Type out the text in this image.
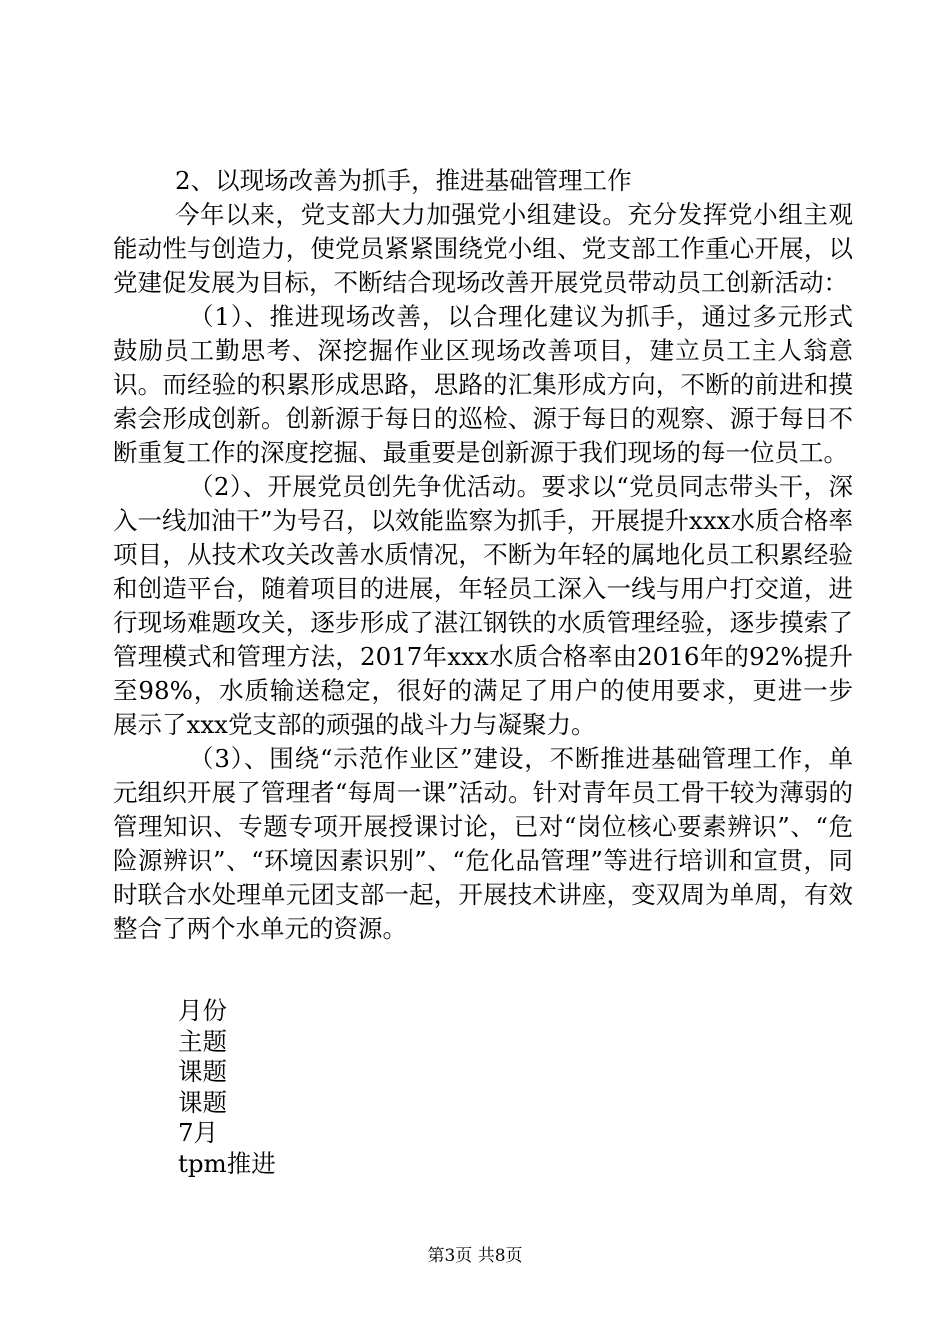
2、以现场改善为抓手，推进基础管理工作

今年以来，党支部大力加强党小组建设。充分发挥党小组主观能动性与创造力，使党员紧紧围绕党小组、党支部工作重心开展，以党建促发展为目标，不断结合现场改善开展党员带动员工创新活动：

（1）、推进现场改善，以合理化建议为抓手，通过多元形式鼓励员工勤思考、深挖掘作业区现场改善项目，建立员工主人翁意识。而经验的积累形成思路，思路的汇集形成方向，不断的前进和摸索会形成创新。创新源于每日的巡检、源于每日的观察、源于每日不断重复工作的深度挖掘、最重要是创新源于我们现场的每一位员工。

（2）、开展党员创先争优活动。要求以“党员同志带头干，深入一线加油干”为号召，以效能监察为抓手，开展提升xxx水质合格率项目，从技术攻关改善水质情况，不断为年轻的属地化员工积累经验和创造平台，随着项目的进展，年轻员工深入一线与用户打交道，进行现场难题攻关，逐步形成了湛江钢铁的水质管理经验，逐步摸索了管理模式和管理方法，2017年xxx水质合格率由2016年的92%提升至98%，水质输送稳定，很好的满足了用户的使用要求，更进一步展示了xxx党支部的顽强的战斗力与凝聚力。

（3）、围绕“示范作业区”建设，不断推进基础管理工作，单元组织开展了管理者“每周一课”活动。针对青年员工骨干较为薄弱的管理知识、专题专项开展授课讨论，已对“岗位核心要素辨识”、“危险源辨识”、“环境因素识别”、“危化品管理”等进行培训和宣贯，同时联合水处理单元团支部一起，开展技术讲座，变双周为单周，有效整合了两个水单元的资源。

月份
主题
课题
课题
7月
tpm推进
第3页 共8页
